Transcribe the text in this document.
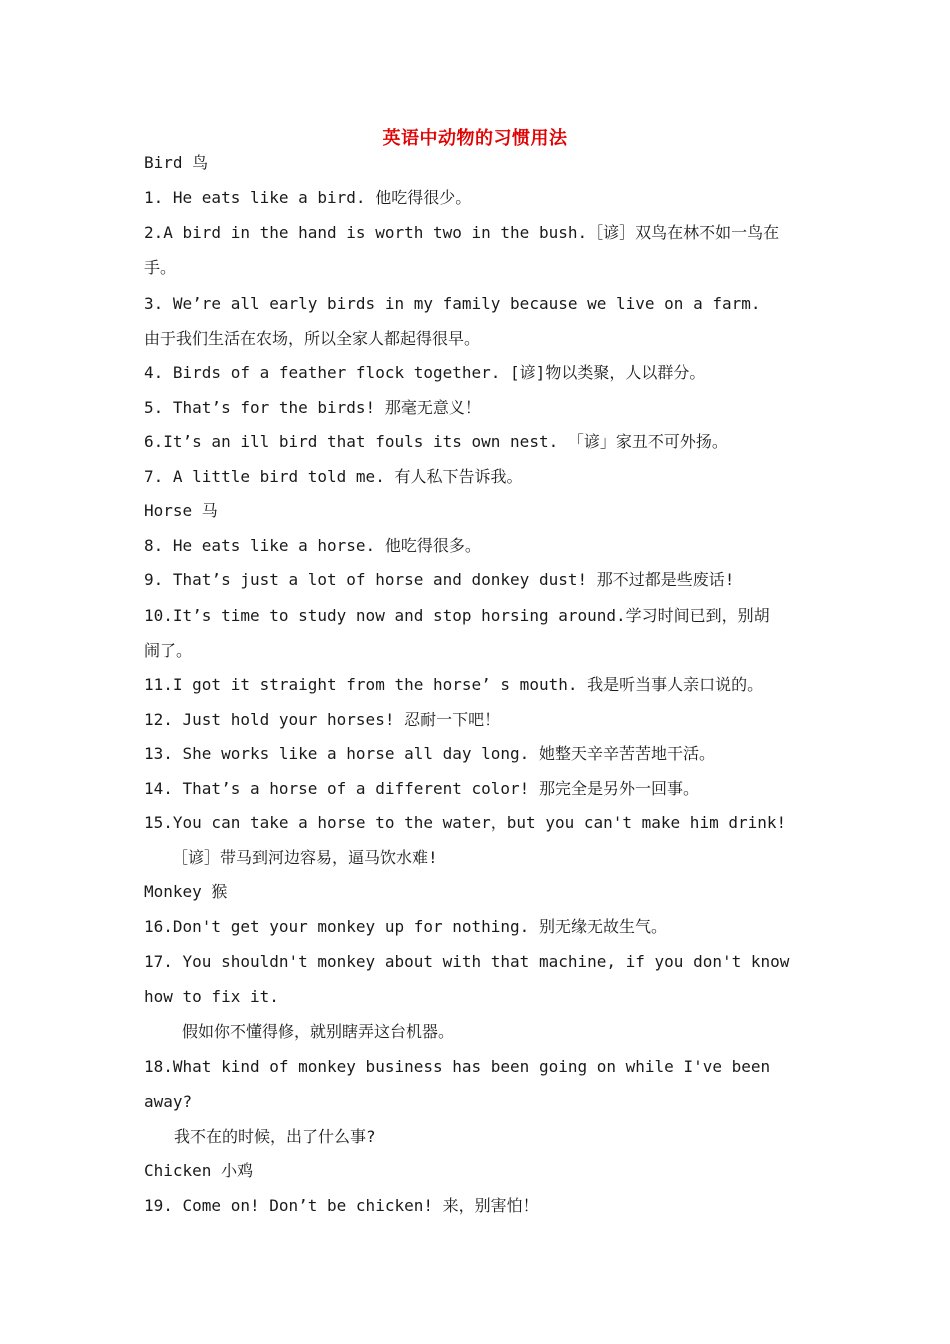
英语中动物的习惯用法
Bird 鸟
1. He eats like a bird. 他吃得很少。
2.A bird in the hand is worth two in the bush.［谚］双鸟在林不如一鸟在
手。
3. We’re all early birds in my family because we live on a farm.
由于我们生活在农场，所以全家人都起得很早。
4. Birds of a feather flock together. [谚]物以类聚，人以群分。
5. That’s for the birds! 那毫无意义！
6.It’s an ill bird that fouls its own nest. 「谚」家丑不可外扬。
7. A little bird told me. 有人私下告诉我。
Horse 马
8. He eats like a horse. 他吃得很多。
9. That’s just a lot of horse and donkey dust! 那不过都是些废话!
10.It’s time to study now and stop horsing around.学习时间已到，别胡
闹了。
11.I got it straight from the horse’ s mouth. 我是听当事人亲口说的。
12. Just hold your horses! 忍耐一下吧！
13. She works like a horse all day long. 她整天辛辛苦苦地干活。
14. That’s a horse of a different color! 那完全是另外一回事。
15.You can take a horse to the water，but you can't make him drink!
［谚］带马到河边容易，逼马饮水难!
Monkey 猴
16.Don't get your monkey up for nothing. 别无缘无故生气。
17. You shouldn't monkey about with that machine, if you don't know
how to fix it.
假如你不懂得修，就别瞎弄这台机器。
18.What kind of monkey business has been going on while I've been
away?
我不在的时候，出了什么事?
Chicken 小鸡
19. Come on! Don’t be chicken! 来，别害怕！
